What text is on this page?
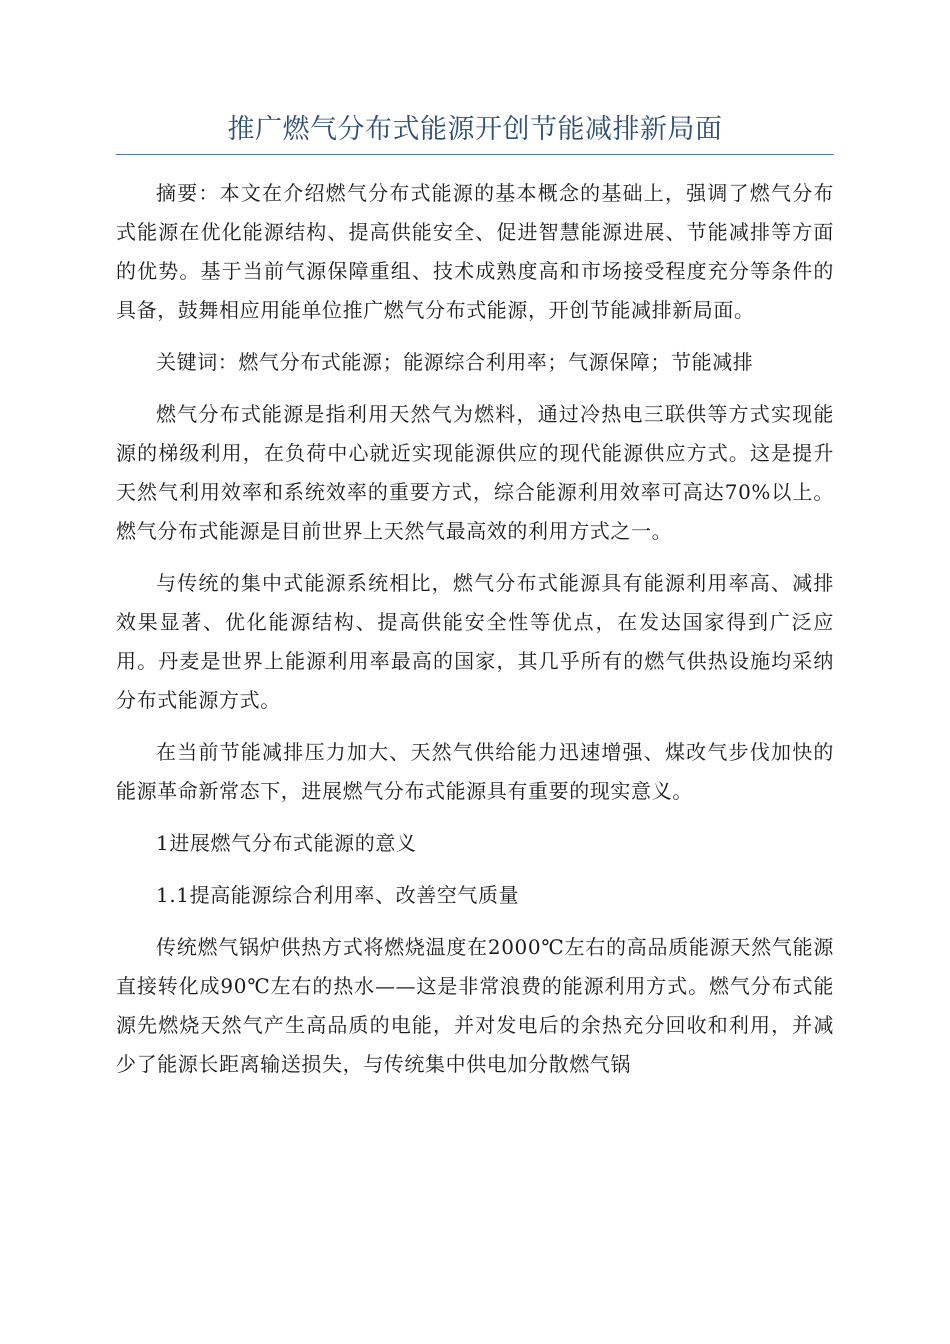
推广燃气分布式能源开创节能减排新局面

摘要：本文在介绍燃气分布式能源的基本概念的基础上，强调了燃气分布式能源在优化能源结构、提高供能安全、促进智慧能源进展、节能减排等方面的优势。基于当前气源保障重组、技术成熟度高和市场接受程度充分等条件的具备，鼓舞相应用能单位推广燃气分布式能源，开创节能减排新局面。

关键词：燃气分布式能源；能源综合利用率；气源保障；节能减排

燃气分布式能源是指利用天然气为燃料，通过冷热电三联供等方式实现能源的梯级利用，在负荷中心就近实现能源供应的现代能源供应方式。这是提升天然气利用效率和系统效率的重要方式，综合能源利用效率可高达70%以上。燃气分布式能源是目前世界上天然气最高效的利用方式之一。

与传统的集中式能源系统相比，燃气分布式能源具有能源利用率高、减排效果显著、优化能源结构、提高供能安全性等优点，在发达国家得到广泛应用。丹麦是世界上能源利用率最高的国家，其几乎所有的燃气供热设施均采纳分布式能源方式。

在当前节能减排压力加大、天然气供给能力迅速增强、煤改气步伐加快的能源革命新常态下，进展燃气分布式能源具有重要的现实意义。

1进展燃气分布式能源的意义

1.1提高能源综合利用率、改善空气质量

传统燃气锅炉供热方式将燃烧温度在2000℃左右的高品质能源天然气能源直接转化成90℃左右的热水——这是非常浪费的能源利用方式。燃气分布式能源先燃烧天然气产生高品质的电能，并对发电后的余热充分回收和利用，并减少了能源长距离输送损失，与传统集中供电加分散燃气锅
